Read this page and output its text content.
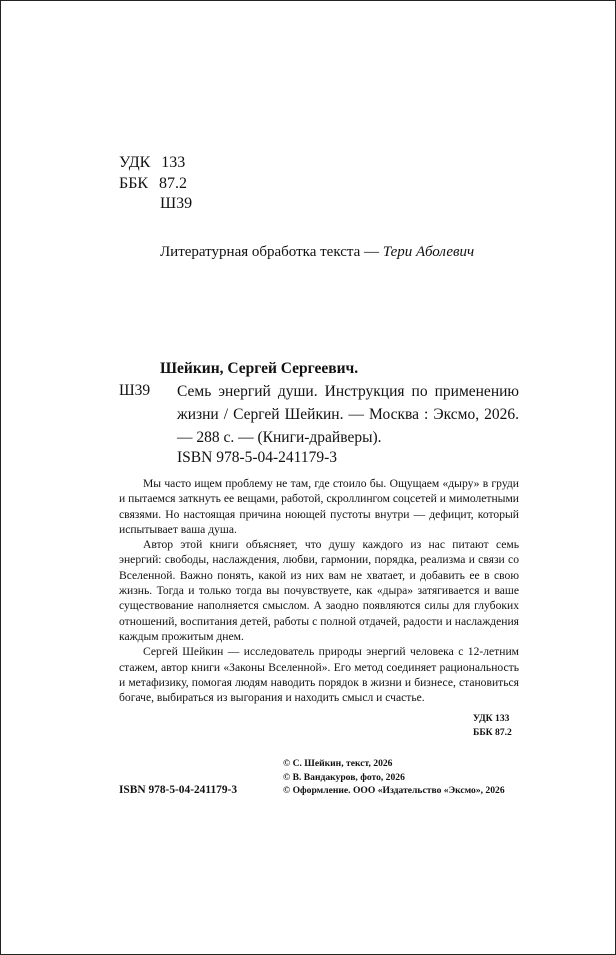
УДК 133
ББК 87.2
Ш39
Литературная обработка текста — Тери Аболевич
Шейкин, Сергей Сергеевич.
Ш39 Семь энергий души. Инструкция по применению жизни / Сергей Шейкин. — Москва : Эксмо, 2026. — 288 с. — (Книги-драйверы).
ISBN 978-5-04-241179-3

Мы часто ищем проблему не там, где стоило бы. Ощущаем «дыру» в груди и пытаемся заткнуть ее вещами, работой, скроллингом соцсетей и мимолетными связями. Но настоящая причина ноющей пустоты внутри — дефицит, который испытывает ваша душа.

Автор этой книги объясняет, что душу каждого из нас питают семь энергий: свободы, наслаждения, любви, гармонии, порядка, реализма и связи со Вселенной. Важно понять, какой из них вам не хватает, и добавить ее в свою жизнь. Тогда и только тогда вы почувствуете, как «дыра» затягивается и ваше существование наполняется смыслом. А заодно появляются силы для глубоких отношений, воспитания детей, работы с полной отдачей, радости и наслаждения каждым прожитым днем.

Сергей Шейкин — исследователь природы энергий человека с 12-летним стажем, автор книги «Законы Вселенной». Его метод соединяет рациональность и метафизику, помогая людям наводить порядок в жизни и бизнесе, становиться богаче, выбираться из выгорания и находить смысл и счастье.

УДК 133
ББК 87.2
© С. Шейкин, текст, 2026
© В. Вандакуров, фото, 2026
© Оформление. ООО «Издательство «Эксмо», 2026
ISBN 978-5-04-241179-3
